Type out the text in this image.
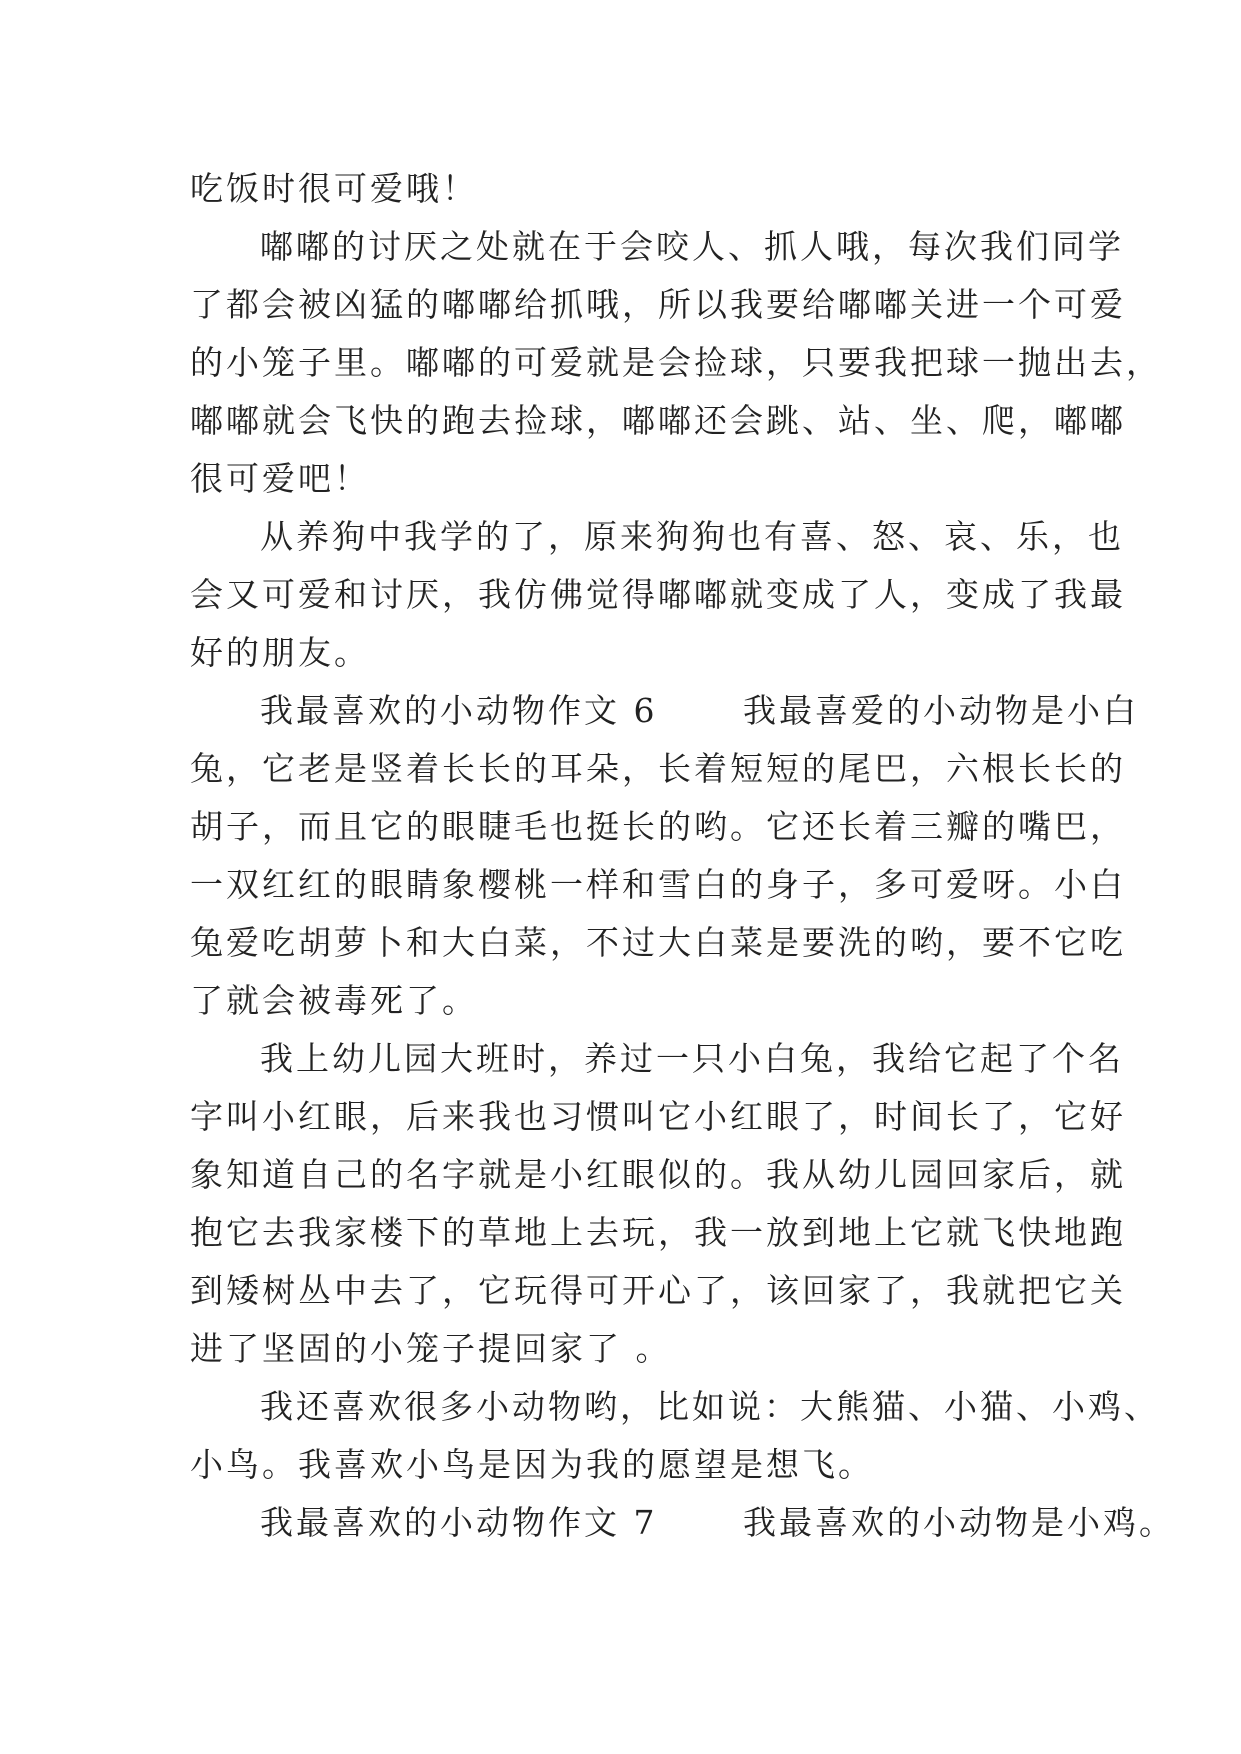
吃饭时很可爱哦！
嘟嘟的讨厌之处就在于会咬人、抓人哦，每次我们同学
了都会被凶猛的嘟嘟给抓哦，所以我要给嘟嘟关进一个可爱
的小笼子里。嘟嘟的可爱就是会捡球，只要我把球一抛出去，
嘟嘟就会飞快的跑去捡球，嘟嘟还会跳、站、坐、爬，嘟嘟
很可爱吧！
从养狗中我学的了，原来狗狗也有喜、怒、哀、乐，也
会又可爱和讨厌，我仿佛觉得嘟嘟就变成了人，变成了我最
好的朋友。
我最喜欢的小动物作文 6 　　我最喜爱的小动物是小白
兔，它老是竖着长长的耳朵，长着短短的尾巴，六根长长的
胡子，而且它的眼睫毛也挺长的哟。它还长着三瓣的嘴巴，
一双红红的眼睛象樱桃一样和雪白的身子，多可爱呀。小白
兔爱吃胡萝卜和大白菜，不过大白菜是要洗的哟，要不它吃
了就会被毒死了。
我上幼儿园大班时，养过一只小白兔，我给它起了个名
字叫小红眼，后来我也习惯叫它小红眼了，时间长了，它好
象知道自己的名字就是小红眼似的。我从幼儿园回家后，就
抱它去我家楼下的草地上去玩，我一放到地上它就飞快地跑
到矮树丛中去了，它玩得可开心了，该回家了，我就把它关
进了坚固的小笼子提回家了 。
我还喜欢很多小动物哟，比如说：大熊猫、小猫、小鸡、
小鸟。我喜欢小鸟是因为我的愿望是想飞。
我最喜欢的小动物作文 7 　　我最喜欢的小动物是小鸡。
